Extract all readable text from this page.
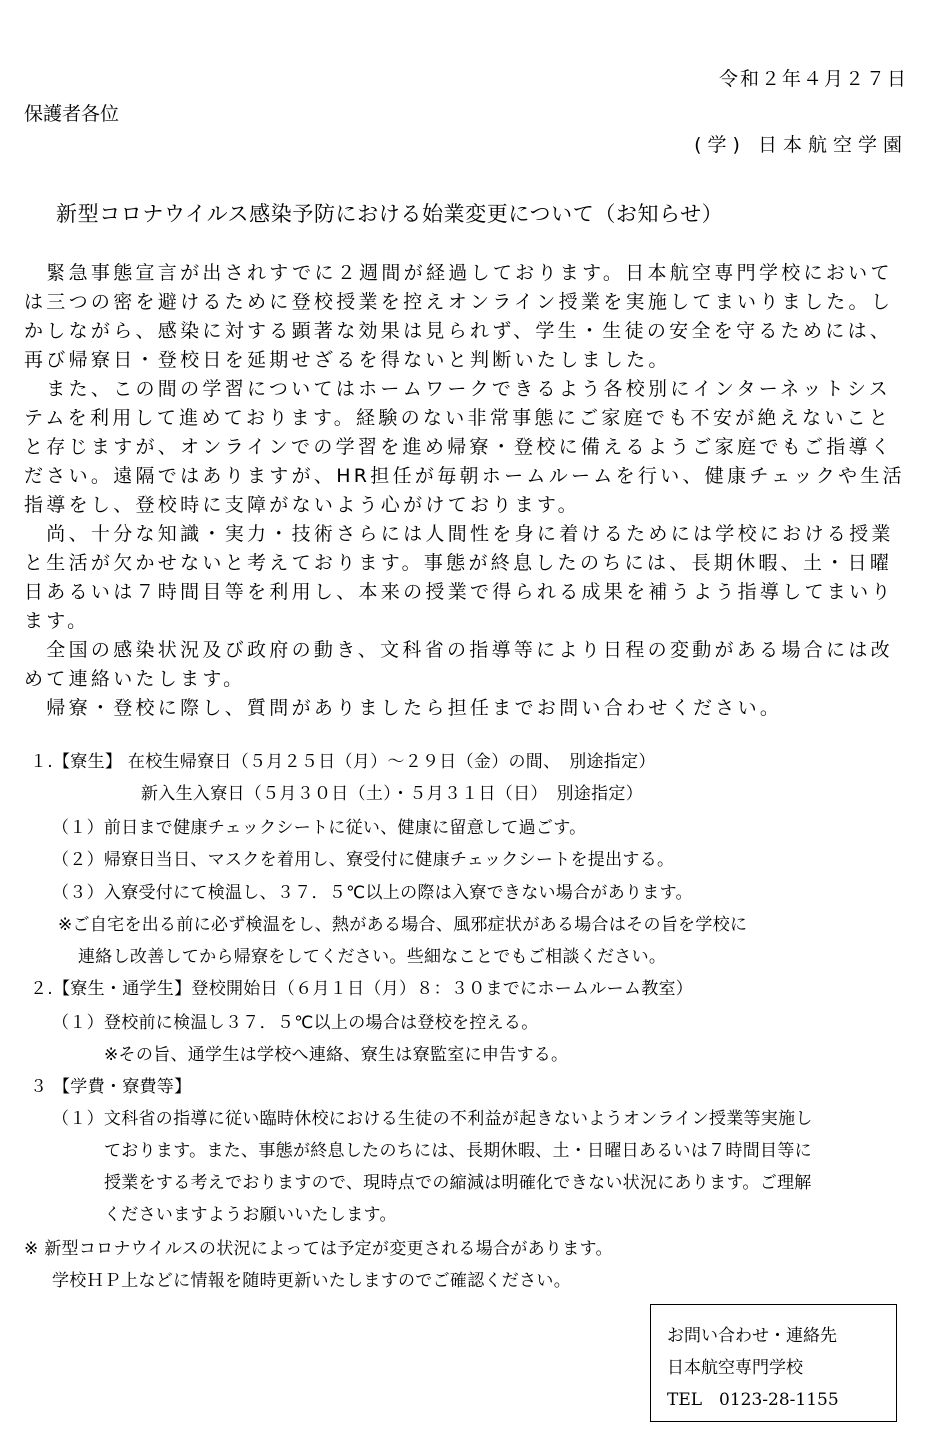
令和２年４月２７日
保護者各位
(学) 日本航空学園
新型コロナウイルス感染予防における始業変更について（お知らせ）
　緊急事態宣言が出されすでに２週間が経過しております。日本航空専門学校において
は三つの密を避けるために登校授業を控えオンライン授業を実施してまいりました。し
かしながら、感染に対する顕著な効果は見られず、学生・生徒の安全を守るためには、
再び帰寮日・登校日を延期せざるを得ないと判断いたしました。
　また、この間の学習についてはホームワークできるよう各校別にインターネットシス
テムを利用して進めております。経験のない非常事態にご家庭でも不安が絶えないこと
と存じますが、オンラインでの学習を進め帰寮・登校に備えるようご家庭でもご指導く
ださい。遠隔ではありますが、HR担任が毎朝ホームルームを行い、健康チェックや生活
指導をし、登校時に支障がないよう心がけております。
　尚、十分な知識・実力・技術さらには人間性を身に着けるためには学校における授業
と生活が欠かせないと考えております。事態が終息したのちには、長期休暇、土・日曜
日あるいは７時間目等を利用し、本来の授業で得られる成果を補うよう指導してまいり
ます。
　全国の感染状況及び政府の動き、文科省の指導等により日程の変動がある場合には改
めて連絡いたします。
　帰寮・登校に際し、質問がありましたら担任までお問い合わせください。
１.【寮生】 在校生帰寮日（５月２５日（月）～２９日（金）の間、　別途指定）
新入生入寮日（５月３０日（土）・５月３１日（日）　別途指定）
（１）前日まで健康チェックシートに従い、健康に留意して過ごす。
（２）帰寮日当日、マスクを着用し、寮受付に健康チェックシートを提出する。
（３）入寮受付にて検温し、３７．５℃以上の際は入寮できない場合があります。
※ご自宅を出る前に必ず検温をし、熱がある場合、風邪症状がある場合はその旨を学校に
連絡し改善してから帰寮をしてください。些細なことでもご相談ください。
２.【寮生・通学生】登校開始日（６月１日（月）８：３０までにホームルーム教室）
（１）登校前に検温し３７．５℃以上の場合は登校を控える。
※その旨、通学生は学校へ連絡、寮生は寮監室に申告する。
３ 【学費・寮費等】
（１）文科省の指導に従い臨時休校における生徒の不利益が起きないようオンライン授業等実施し
ております。また、事態が終息したのちには、長期休暇、土・日曜日あるいは７時間目等に
授業をする考えでおりますので、現時点での縮減は明確化できない状況にあります。ご理解
くださいますようお願いいたします。
※ 新型コロナウイルスの状況によっては予定が変更される場合があります。
学校ＨＰ上などに情報を随時更新いたしますのでご確認ください。
お問い合わせ・連絡先
日本航空専門学校
TEL　0123-28-1155
